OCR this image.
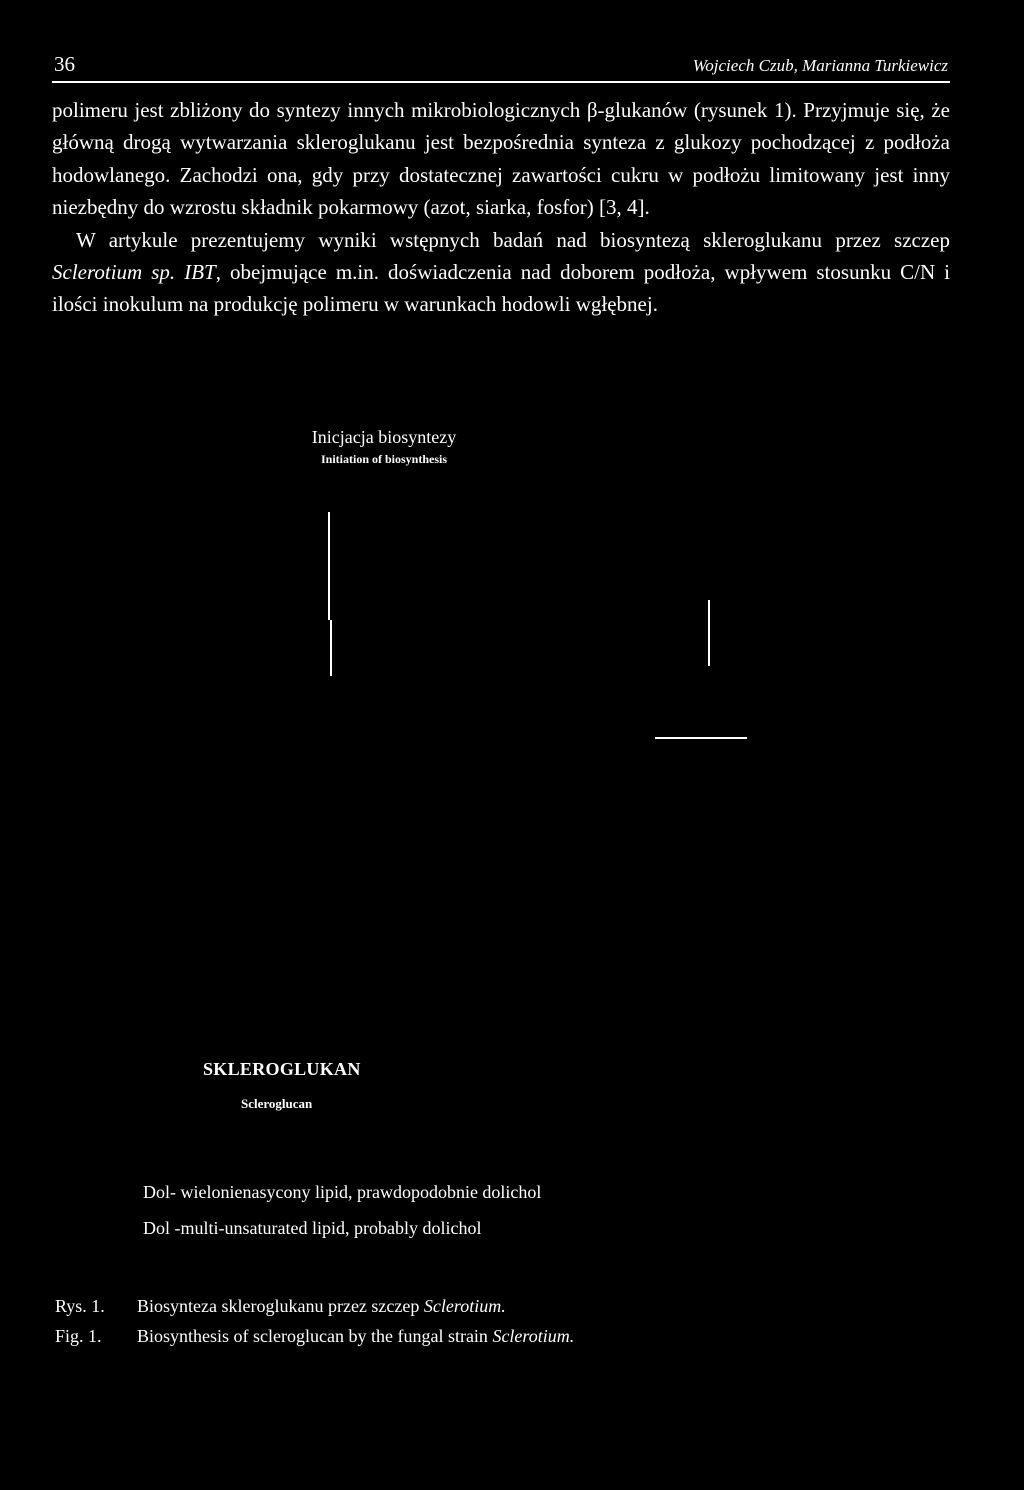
36	Wojciech Czub, Marianna Turkiewicz

polimeru jest zbliżony do syntezy innych mikrobiologicznych β-glukanów (rysunek 1). Przyjmuje się, że główną drogą wytwarzania skleroglukanu jest bezpośrednia synteza z glukozy pochodzącej z podłoża hodowlanego. Zachodzi ona, gdy przy dostatecznej zawartości cukru w podłożu limitowany jest inny niezbędny do wzrostu składnik pokarmowy (azot, siarka, fosfor) [3, 4].

W artykule prezentujemy wyniki wstępnych badań nad biosyntezą skleroglukanu przez szczep Sclerotium sp. IBT, obejmujące m.in. doświadczenia nad doborem podłoża, wpływem stosunku C/N i ilości inokulum na produkcję polimeru w warunkach hodowli wgłębnej.

Inicjacja biosyntezy
Initiation of biosynthesis
SKLEROGLUKAN
Scleroglucan
Dol- wielonienasycony lipid, prawdopodobnie dolichol
Dol -multi-unsaturated lipid, probably dolichol
Rys. 1. Biosynteza skleroglukanu przez szczep Sclerotium.
Fig. 1. Biosynthesis of scleroglucan by the fungal strain Sclerotium.
